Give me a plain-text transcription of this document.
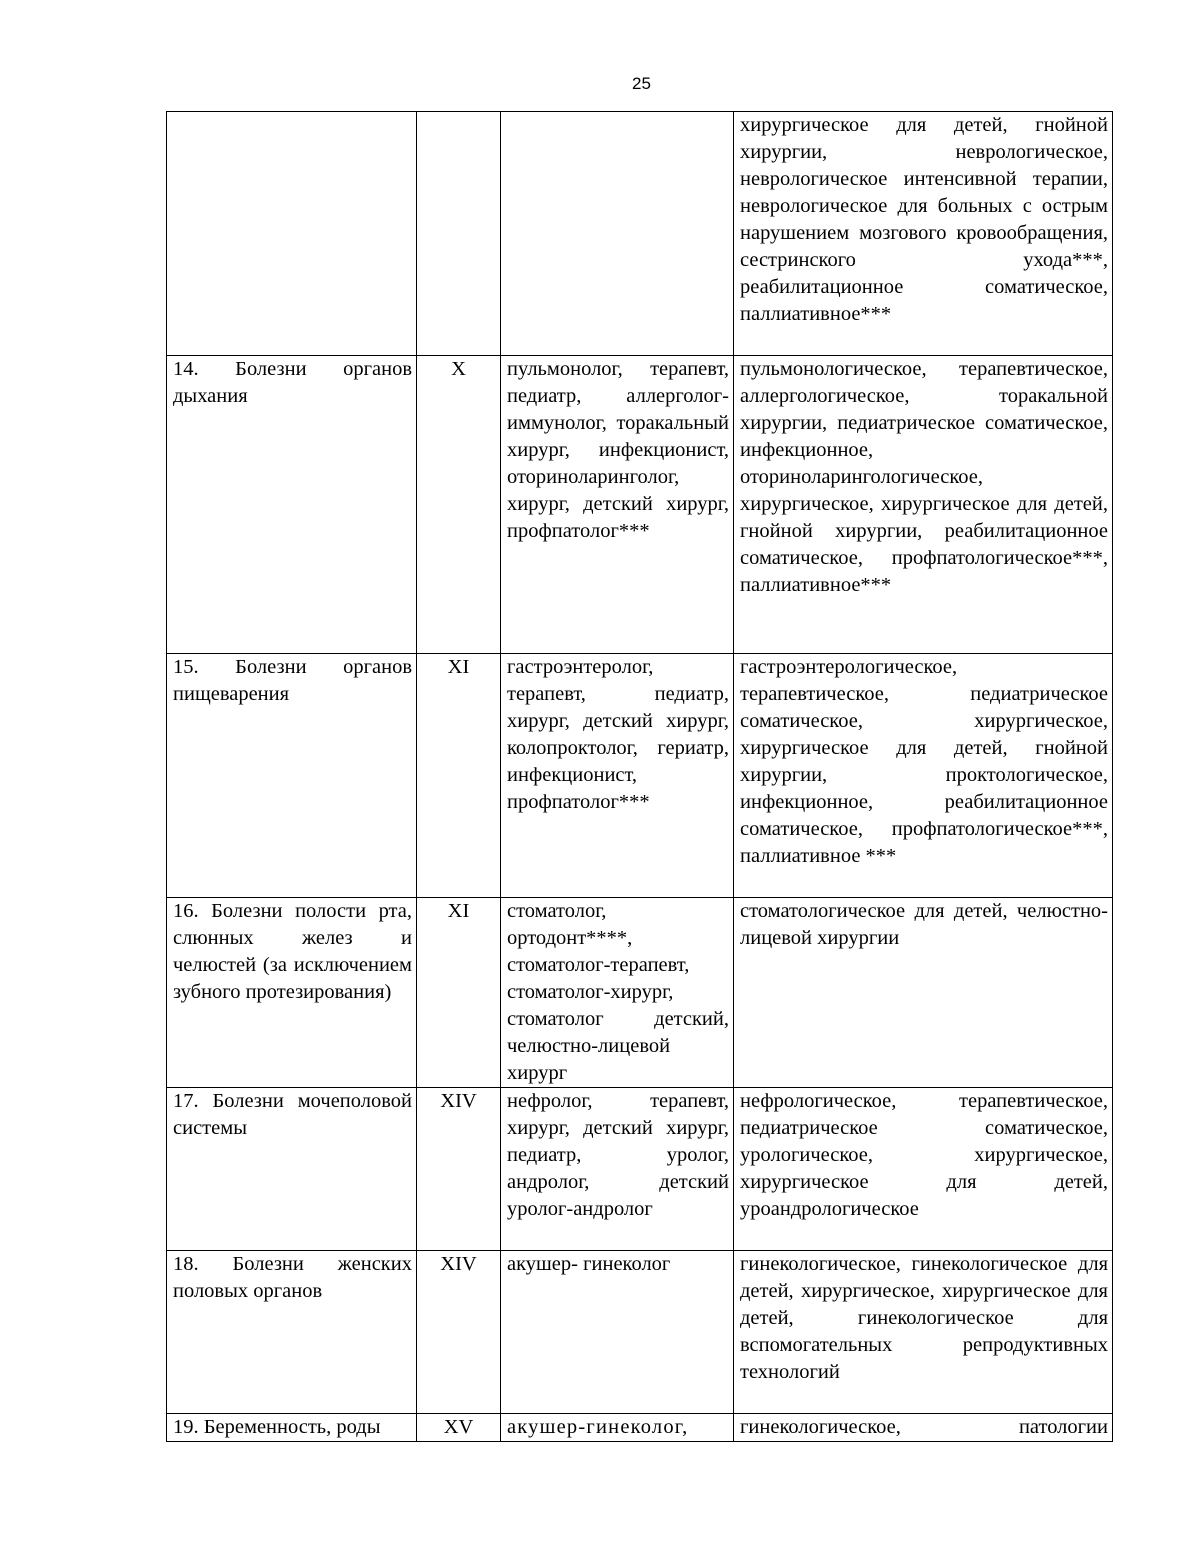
25
			хирургическое для детей, гнойной хирургии, неврологическое, неврологическое интенсивной терапии, неврологическое для больных с острым нарушением мозгового кровообращения, сестринского ухода***, реабилитационное соматическое, паллиативное***
14. Болезни органов дыхания	X	пульмонолог, терапевт, педиатр, аллерголог-иммунолог, торакальный хирург, инфекционист, оториноларинголог, хирург, детский хирург, профпатолог***	пульмонологическое, терапевтическое, аллергологическое, торакальной хирургии, педиатрическое соматическое, инфекционное, оториноларингологическое, хирургическое, хирургическое для детей, гнойной хирургии, реабилитационное соматическое, профпатологическое***, паллиативное***
15. Болезни органов пищеварения	XI	гастроэнтеролог, терапевт, педиатр, хирург, детский хирург, колопроктолог, гериатр, инфекционист, профпатолог***	гастроэнтерологическое, терапевтическое, педиатрическое соматическое, хирургическое, хирургическое для детей, гнойной хирургии, проктологическое, инфекционное, реабилитационное соматическое, профпатологическое***, паллиативное ***
16. Болезни полости рта, слюнных желез и челюстей (за исключением зубного протезирования)	XI	стоматолог, ортодонт****, стоматолог-терапевт, стоматолог-хирург, стоматолог детский, челюстно-лицевой хирург	стоматологическое для детей, челюстно- лицевой хирургии
17. Болезни мочеполовой системы	XIV	нефролог, терапевт, хирург, детский хирург, педиатр, уролог, андролог, детский уролог-андролог	нефрологическое, терапевтическое, педиатрическое соматическое, урологическое, хирургическое, хирургическое для детей, уроандрологическое
18. Болезни женских половых органов	XIV	акушер- гинеколог	гинекологическое, гинекологическое для детей, хирургическое, хирургическое для детей, гинекологическое для вспомогательных репродуктивных технологий
19. Беременность, роды	XV	акушер-гинеколог,	гинекологическое, патологии
